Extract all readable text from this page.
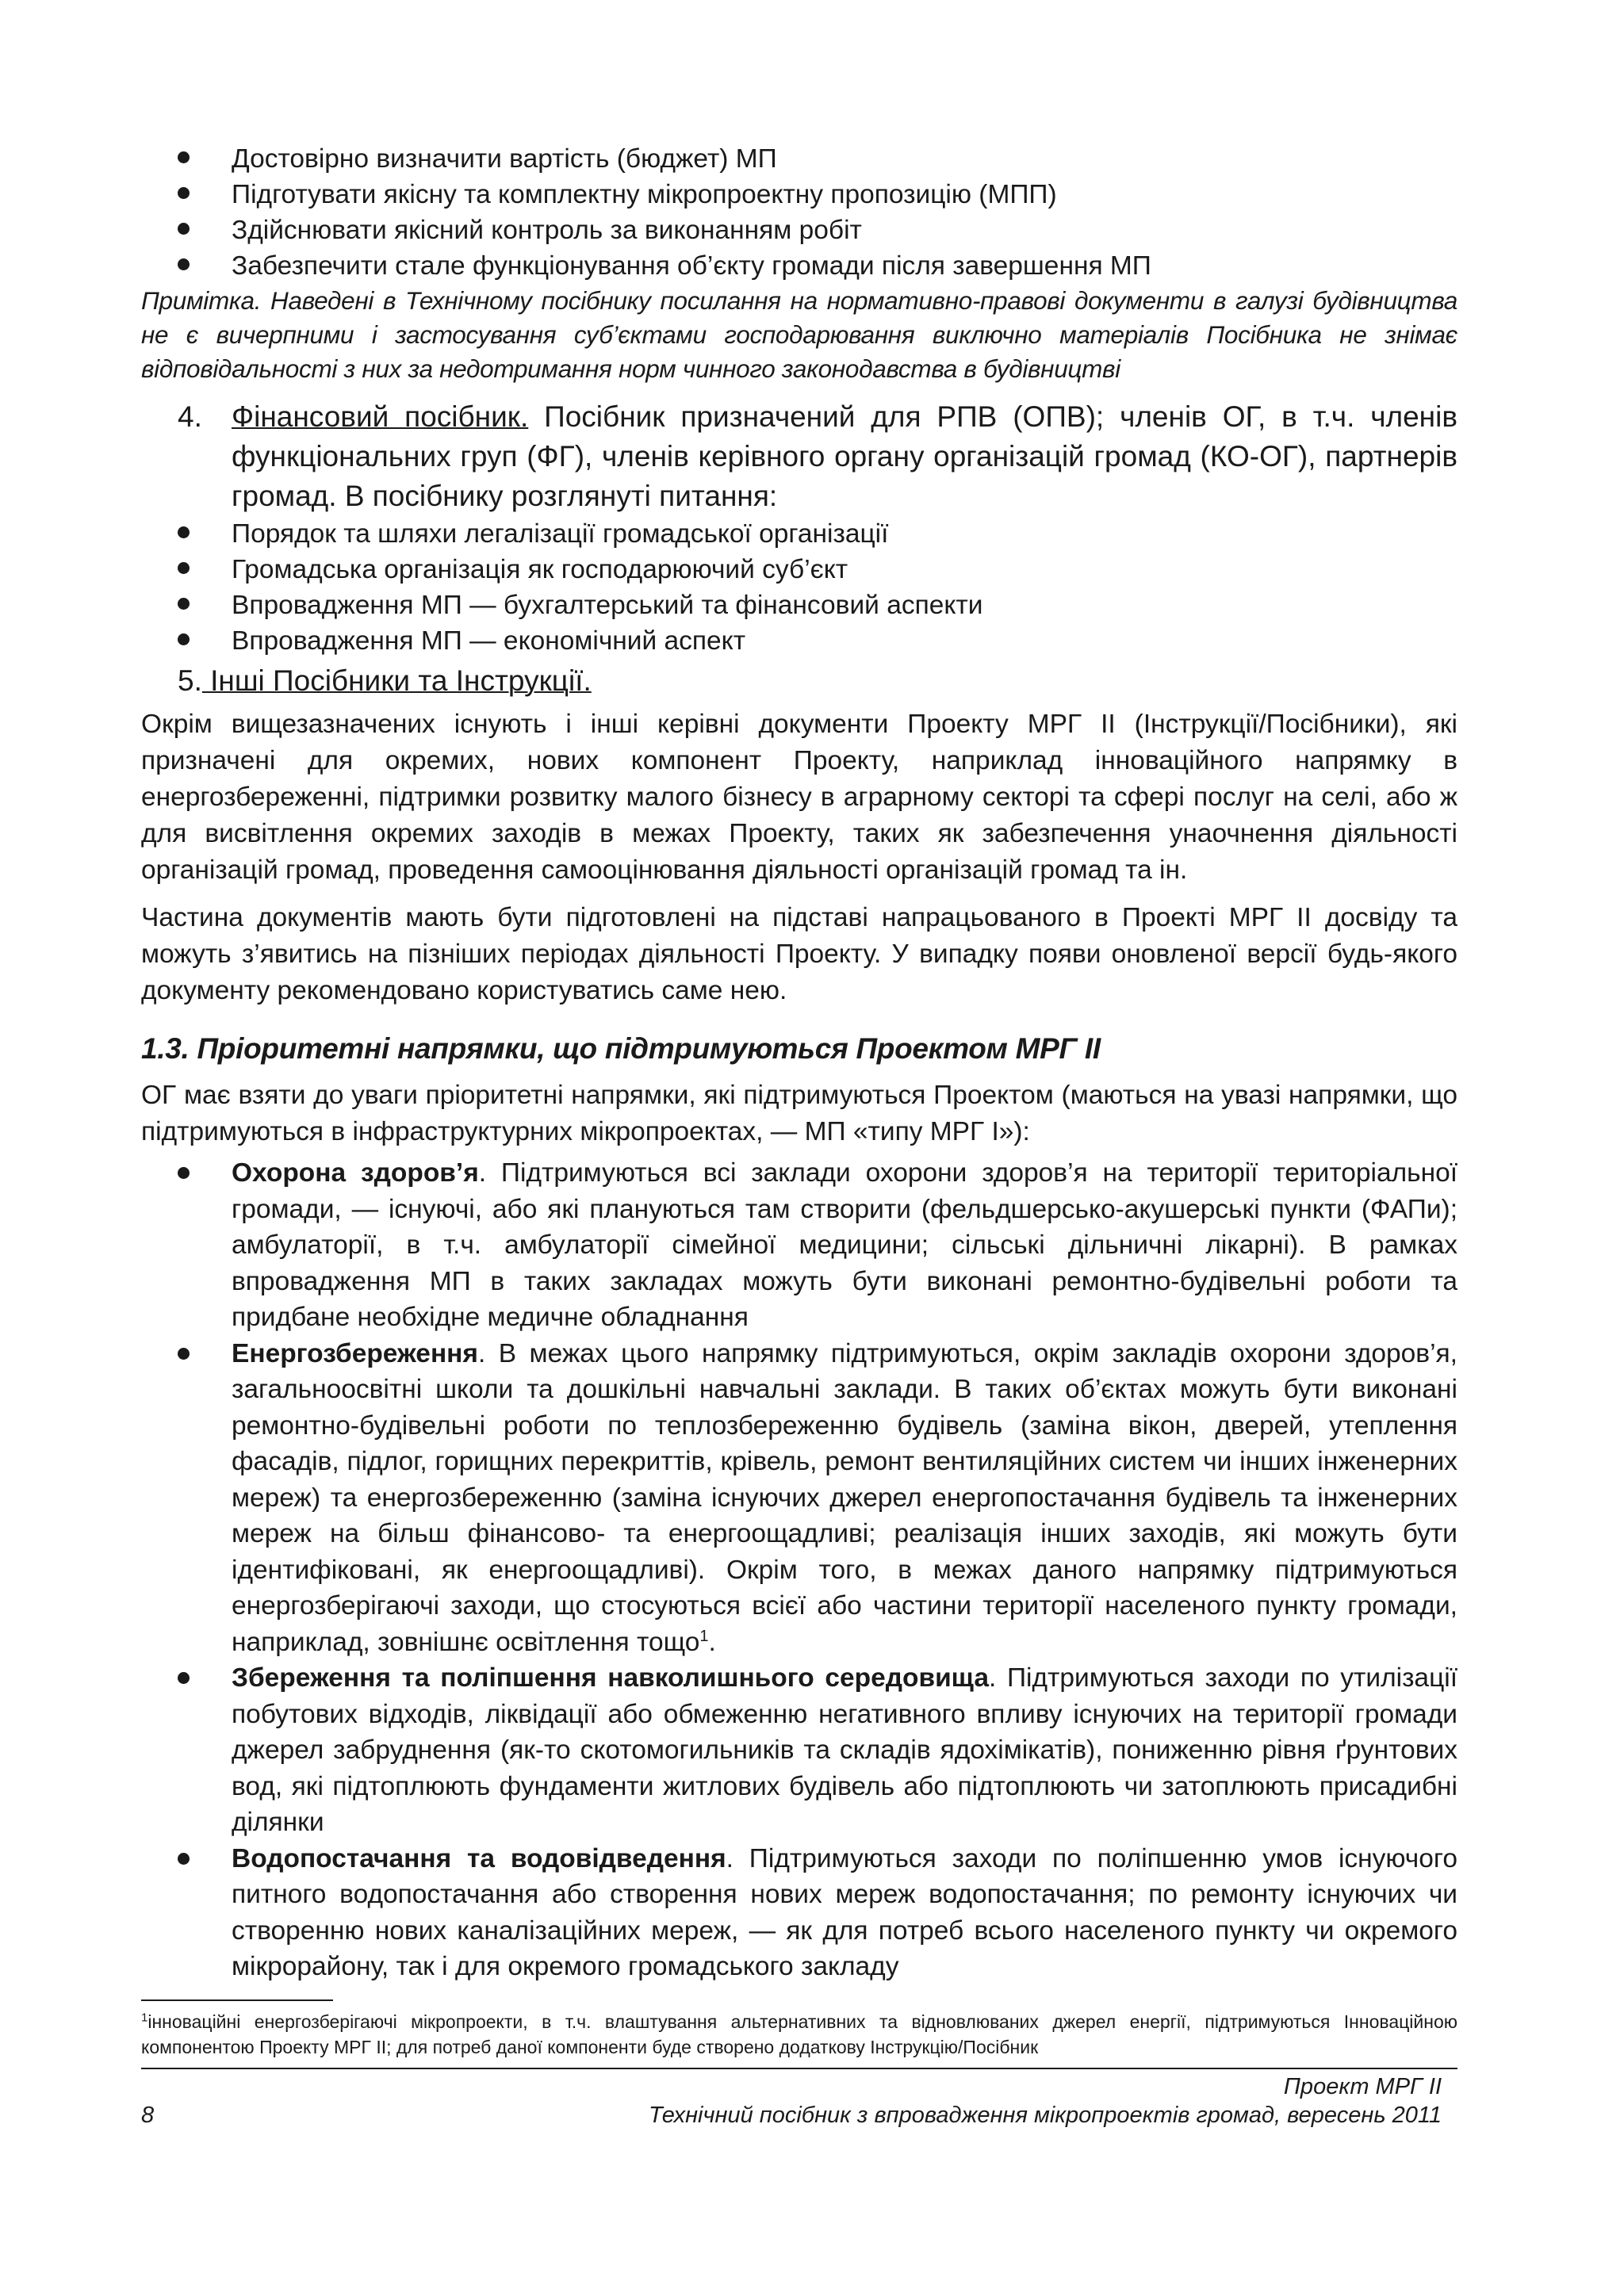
Достовірно визначити вартість (бюджет) МП
Підготувати якісну та комплектну мікропроектну пропозицію (МПП)
Здійснювати якісний контроль за виконанням робіт
Забезпечити сталe функціонування об’єкту громади після завершення МП

Примітка. Наведені в Технічному посібнику посилання на нормативно-правові документи в галузі будівництва не є вичерпними і застосування суб’єктами господарювання виключно матеріалів Посібника не знімає відповідальності з них за недотримання норм чинного законодавства в будівництві

4. Фінансовий посібник. Посібник призначений для РПВ (ОПВ); членів ОГ, в т.ч. членів функціональних груп (ФГ), членів керівного органу організацій громад (КО-ОГ), партнерів громад. В посібнику розглянуті питання:

Порядок та шляхи легалізації громадської організації
Громадська організація як господарюючий суб’єкт
Впровадження МП — бухгалтерський та фінансовий аспекти
Впровадження МП — економічний аспект

5. Інші Посібники та Інструкції.

Окрім вищезазначених існують і інші керівні документи Проекту МРГ ІІ (Інструкції/Посібники), які призначені для окремих, нових компонент Проекту, наприклад інноваційного напрямку в енергозбереженні, підтримки розвитку малого бізнесу в аграрному секторі та сфері послуг на селі, або ж для висвітлення окремих заходів в межах Проекту, таких як забезпечення унаочнення діяльності організацій громад, проведення самооцінювання діяльності організацій громад та ін.

Частина документів мають бути підготовлені на підставі напрацьованого в Проекті МРГ ІІ досвіду та можуть з’явитись на пізніших періодах діяльності Проекту. У випадку появи оновленої версії будь-якого документу рекомендовано користуватись саме нею.

1.3. Пріоритетні напрямки, що підтримуються Проектом МРГ ІІ

ОГ має взяти до уваги пріоритетні напрямки, які підтримуються Проектом (маються на увазі напрямки, що підтримуються в інфраструктурних мікропроектах, — МП «типу МРГ І»):

Охорона здоров’я. Підтримуються всі заклади охорони здоров’я на території територіальної громади, — існуючі, або які плануються там створити (фельдшерсько-акушерські пункти (ФАПи); амбулаторії, в т.ч. амбулаторії сімейної медицини; сільські дільничні лікарні). В рамках впровадження МП в таких закладах можуть бути виконані ремонтно-будівельні роботи та придбане необхідне медичне обладнання
Енергозбереження. В межах цього напрямку підтримуються, окрім закладів охорони здоров’я, загальноосвітні школи та дошкільні навчальні заклади. В таких об’єктах можуть бути виконані ремонтно-будівельні роботи по теплозбереженню будівель (заміна вікон, дверей, утеплення фасадів, підлог, горищних перекриттів, крівель, ремонт вентиляційних систем чи інших інженерних мереж) та енергозбереженню (заміна існуючих джерел енергопостачання будівель та інженерних мереж на більш фінансово- та енергоощадливі; реалізація інших заходів, які можуть бути ідентифіковані, як енергоощадливі). Окрім того, в межах даного напрямку підтримуються енергозберігаючі заходи, що стосуються всієї або частини території населеного пункту громади, наприклад, зовнішнє освітлення тощо$^1$.
Збереження та поліпшення навколишнього середовища. Підтримуються заходи по утилізації побутових відходів, ліквідації або обмеженню негативного впливу існуючих на території громади джерел забруднення (як-то скотомогильників та складів ядохімікатів), пониженню рівня ґрунтових вод, які підтоплюють фундаменти житлових будівель або підтоплюють чи затоплюють присадибні ділянки
Водопостачання та водовідведення. Підтримуються заходи по поліпшенню умов існуючого питного водопостачання або створення нових мереж водопостачання; по ремонту існуючих чи створенню нових каналізаційних мереж, — як для потреб всього населеного пункту чи окремого мікрорайону, так і для окремого громадського закладу

$^1$інноваційні енергозберігаючі мікропроекти, в т.ч. влаштування альтернативних та відновлюваних джерел енергії, підтримуються Інноваційною компонентою Проекту МРГ ІІ; для потреб даної компоненти буде створено додаткову Інструкцію/Посібник

8
Проект МРГ ІІ
Технічний посібник з впровадження мікропроектів громад, вересень 2011
